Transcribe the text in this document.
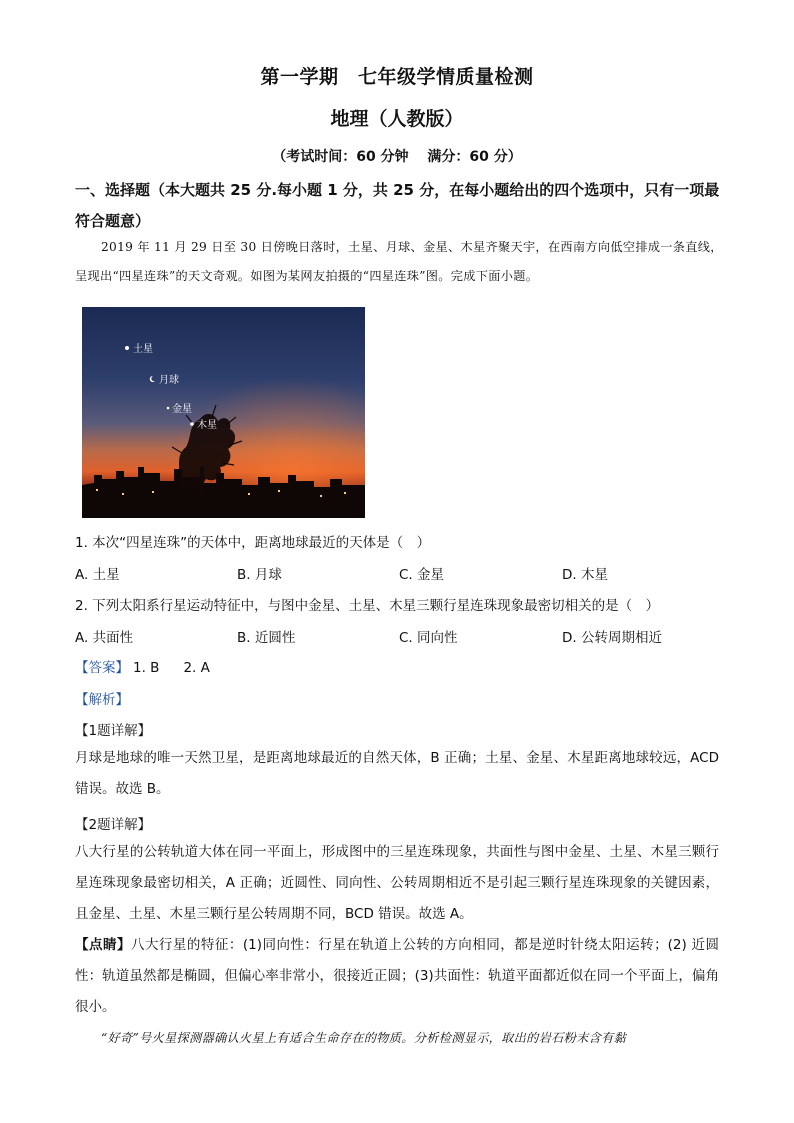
第一学期　七年级学情质量检测
地理（人教版）
（考试时间：60 分钟　 满分：60 分）
一、选择题（本大题共 25 分.每小题 1 分，共 25 分，在每小题给出的四个选项中，只有一项最符合题意）
2019 年 11 月 29 日至 30 日傍晚日落时，土星、月球、金星、木星齐聚天宇，在西南方向低空排成一条直线，呈现出“四星连珠”的天文奇观。如图为某网友拍摄的“四星连珠”图。完成下面小题。
土星
月球
金星
木星
1. 本次“四星连珠”的天体中，距离地球最近的天体是（　）
A. 土星	B. 月球	C. 金星	D. 木星
2. 下列太阳系行星运动特征中，与图中金星、土星、木星三颗行星连珠现象最密切相关的是（　）
A. 共面性	B. 近圆性	C. 同向性	D. 公转周期相近
【答案】 1. B 2. A
【解析】
【1题详解】
月球是地球的唯一天然卫星，是距离地球最近的自然天体，B 正确；土星、金星、木星距离地球较远，ACD 错误。故选 B。
【2题详解】
八大行星的公转轨道大体在同一平面上，形成图中的三星连珠现象，共面性与图中金星、土星、木星三颗行星连珠现象最密切相关，A 正确；近圆性、同向性、公转周期相近不是引起三颗行星连珠现象的关键因素，且金星、土星、木星三颗行星公转周期不同，BCD 错误。故选 A。
【点睛】八大行星的特征：(1)同向性：行星在轨道上公转的方向相同，都是逆时针绕太阳运转；(2) 近圆性：轨道虽然都是椭圆，但偏心率非常小，很接近正圆；(3)共面性：轨道平面都近似在同一个平面上，偏角很小。
“好奇”号火星探测器确认火星上有适合生命存在的物质。分析检测显示，取出的岩石粉末含有黏
